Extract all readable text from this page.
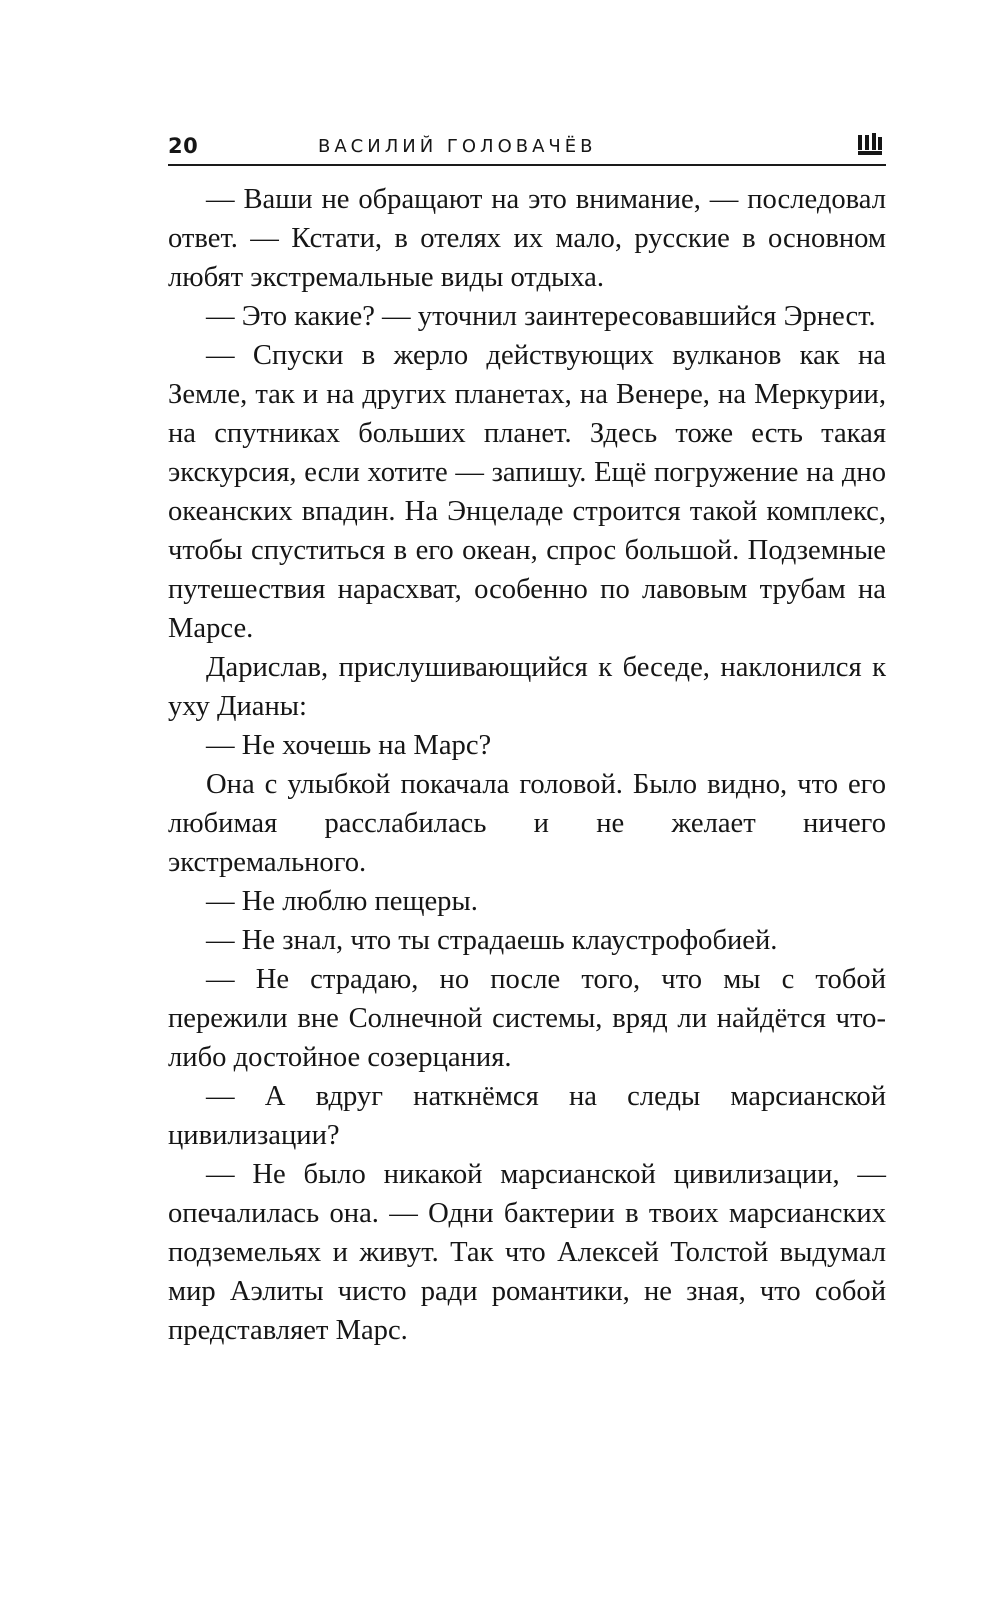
20	ВАСИЛИЙ ГОЛОВАЧЁВ

— Ваши не обращают на это внимание, — последовал ответ. — Кстати, в отелях их мало, русские в основном любят экстремальные виды отдыха.

— Это какие? — уточнил заинтересовавшийся Эрнест.

— Спуски в жерло действующих вулканов как на Земле, так и на других планетах, на Венере, на Меркурии, на спутниках больших планет. Здесь тоже есть такая экскурсия, если хотите — запишу. Ещё погружение на дно океанских впадин. На Энцеладе строится такой комплекс, чтобы спуститься в его океан, спрос большой. Подземные путешествия нарасхват, особенно по лавовым трубам на Марсе.

Дарислав, прислушивающийся к беседе, наклонился к уху Дианы:

— Не хочешь на Марс?

Она с улыбкой покачала головой. Было видно, что его любимая расслабилась и не желает ничего экстремального.

— Не люблю пещеры.

— Не знал, что ты страдаешь клаустрофобией.

— Не страдаю, но после того, что мы с тобой пережили вне Солнечной системы, вряд ли найдётся что-либо достойное созерцания.

— А вдруг наткнёмся на следы марсианской цивилизации?

— Не было никакой марсианской цивилизации, — опечалилась она. — Одни бактерии в твоих марсианских подземельях и живут. Так что Алексей Толстой выдумал мир Аэлиты чисто ради романтики, не зная, что собой представляет Марс.
